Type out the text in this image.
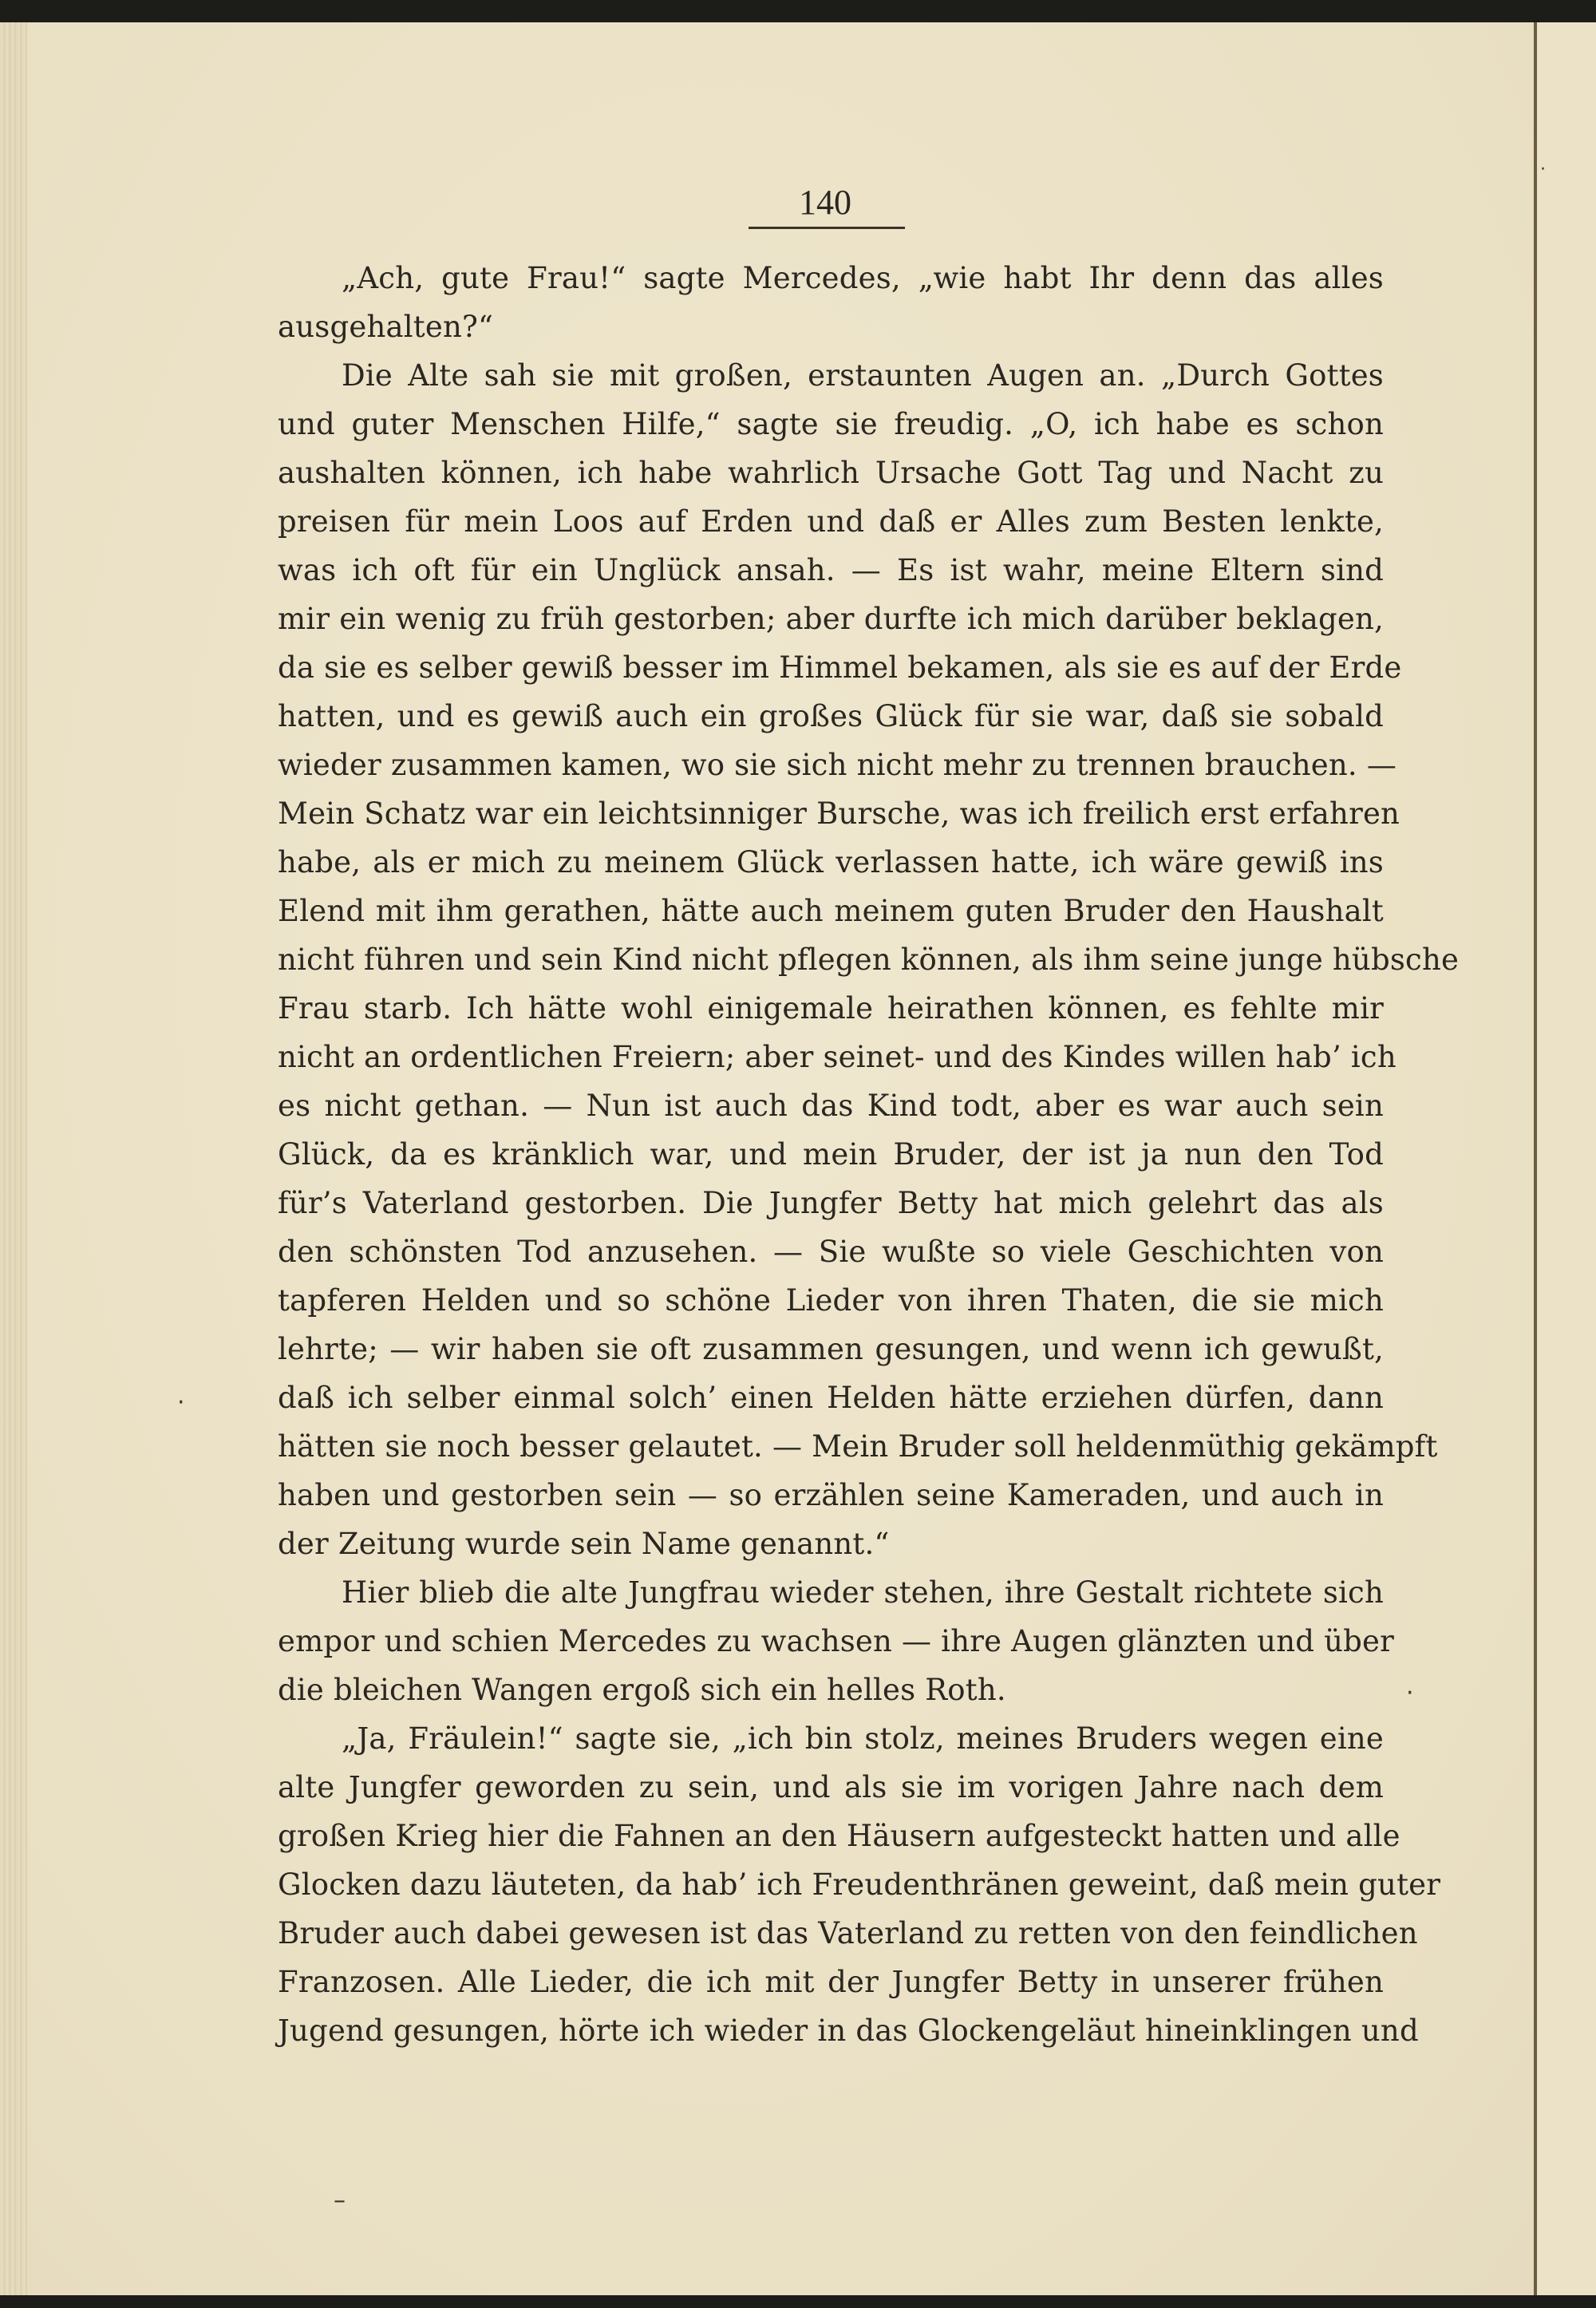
140
„Ach, gute Frau!“ sagte Mercedes, „wie habt Ihr denn das alles
ausgehalten?“
Die Alte sah sie mit großen, erstaunten Augen an. „Durch Gottes
und guter Menschen Hilfe,“ sagte sie freudig. „O, ich habe es schon
aushalten können, ich habe wahrlich Ursache Gott Tag und Nacht zu
preisen für mein Loos auf Erden und daß er Alles zum Besten lenkte,
was ich oft für ein Unglück ansah. — Es ist wahr, meine Eltern sind
mir ein wenig zu früh gestorben; aber durfte ich mich darüber beklagen,
da sie es selber gewiß besser im Himmel bekamen, als sie es auf der Erde
hatten, und es gewiß auch ein großes Glück für sie war, daß sie sobald
wieder zusammen kamen, wo sie sich nicht mehr zu trennen brauchen. —
Mein Schatz war ein leichtsinniger Bursche, was ich freilich erst erfahren
habe, als er mich zu meinem Glück verlassen hatte, ich wäre gewiß ins
Elend mit ihm gerathen, hätte auch meinem guten Bruder den Haushalt
nicht führen und sein Kind nicht pflegen können, als ihm seine junge hübsche
Frau starb. Ich hätte wohl einigemale heirathen können, es fehlte mir
nicht an ordentlichen Freiern; aber seinet- und des Kindes willen hab’ ich
es nicht gethan. — Nun ist auch das Kind todt, aber es war auch sein
Glück, da es kränklich war, und mein Bruder, der ist ja nun den Tod
für’s Vaterland gestorben. Die Jungfer Betty hat mich gelehrt das als
den schönsten Tod anzusehen. — Sie wußte so viele Geschichten von
tapferen Helden und so schöne Lieder von ihren Thaten, die sie mich
lehrte; — wir haben sie oft zusammen gesungen, und wenn ich gewußt,
daß ich selber einmal solch’ einen Helden hätte erziehen dürfen, dann
hätten sie noch besser gelautet. — Mein Bruder soll heldenmüthig gekämpft
haben und gestorben sein — so erzählen seine Kameraden, und auch in
der Zeitung wurde sein Name genannt.“
Hier blieb die alte Jungfrau wieder stehen, ihre Gestalt richtete sich
empor und schien Mercedes zu wachsen — ihre Augen glänzten und über
die bleichen Wangen ergoß sich ein helles Roth.
„Ja, Fräulein!“ sagte sie, „ich bin stolz, meines Bruders wegen eine
alte Jungfer geworden zu sein, und als sie im vorigen Jahre nach dem
großen Krieg hier die Fahnen an den Häusern aufgesteckt hatten und alle
Glocken dazu läuteten, da hab’ ich Freudenthränen geweint, daß mein guter
Bruder auch dabei gewesen ist das Vaterland zu retten von den feindlichen
Franzosen. Alle Lieder, die ich mit der Jungfer Betty in unserer frühen
Jugend gesungen, hörte ich wieder in das Glockengeläut hineinklingen und
·
·
·
–
